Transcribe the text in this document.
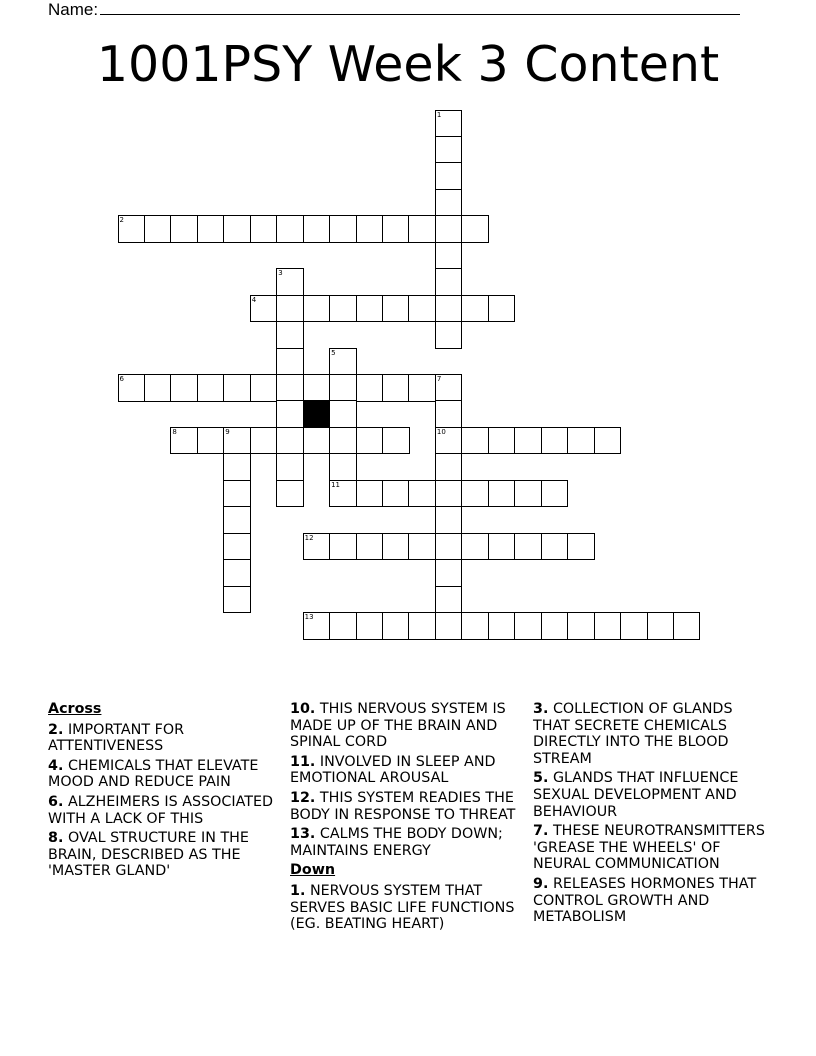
Name:
1001PSY Week 3 Content
1
2
3
4
5
6	7
10
8	9
11
12
13
Across
2. IMPORTANT FOR ATTENTIVENESS
4. CHEMICALS THAT ELEVATE MOOD AND REDUCE PAIN
6. ALZHEIMERS IS ASSOCIATED WITH A LACK OF THIS
8. OVAL STRUCTURE IN THE BRAIN, DESCRIBED AS THE 'MASTER GLAND'
10. THIS NERVOUS SYSTEM IS MADE UP OF THE BRAIN AND SPINAL CORD
11. INVOLVED IN SLEEP AND EMOTIONAL AROUSAL
12. THIS SYSTEM READIES THE BODY IN RESPONSE TO THREAT
13. CALMS THE BODY DOWN; MAINTAINS ENERGY
Down
1. NERVOUS SYSTEM THAT SERVES BASIC LIFE FUNCTIONS (EG. BEATING HEART)
3. COLLECTION OF GLANDS THAT SECRETE CHEMICALS DIRECTLY INTO THE BLOOD STREAM
5. GLANDS THAT INFLUENCE SEXUAL DEVELOPMENT AND BEHAVIOUR
7. THESE NEUROTRANSMITTERS 'GREASE THE WHEELS' OF NEURAL COMMUNICATION
9. RELEASES HORMONES THAT CONTROL GROWTH AND METABOLISM
